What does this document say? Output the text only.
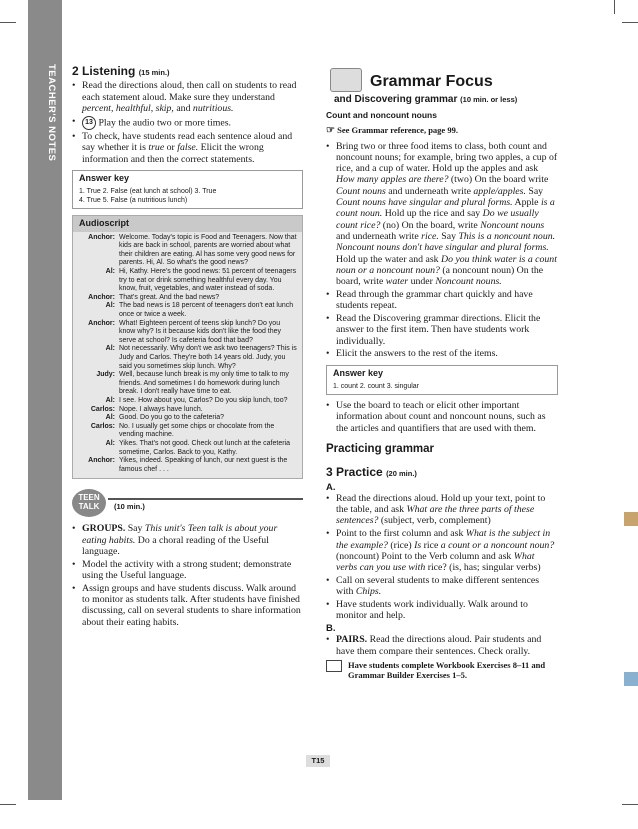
TEACHER'S NOTES 2 Listening (15 min.)
• Read the directions aloud, then call on students to read each statement aloud. Make sure they understand percent, healthful, skip, and nutritious.
• 13 Play the audio two or more times.
• To check, have students read each sentence aloud and say whether it is true or false. Elicit the wrong information and then the correct statements.
Answer key
1. True 2. False (eat lunch at school) 3. True
4. True 5. False (a nutritious lunch)
Audioscript
Anchor: Welcome. Today's topic is Food and Teenagers. Now that kids are back in school, parents are worried about what their children are eating. Al has some very good news for parents. Hi, Al. So what's the good news?
Al: Hi, Kathy. Here's the good news: 51 percent of teenagers try to eat or drink something healthful every day. You know, fruit, vegetables, and water instead of soda.
Anchor: That's great. And the bad news?
Al: The bad news is 18 percent of teenagers don't eat lunch once or twice a week.
Anchor: What! Eighteen percent of teens skip lunch? Do you know why? Is it because kids don't like the food they serve at school? Is cafeteria food that bad?
Al: Not necessarily. Why don't we ask two teenagers? This is Judy and Carlos. They're both 14 years old. Judy, you said you sometimes skip lunch. Why?
Judy: Well, because lunch break is my only time to talk to my friends. And sometimes I do homework during lunch break. I don't really have time to eat.
Al: I see. How about you, Carlos? Do you skip lunch, too?
Carlos: Nope. I always have lunch.
Al: Good. Do you go to the cafeteria?
Carlos: No. I usually get some chips or chocolate from the vending machine.
Al: Yikes. That's not good. Check out lunch at the cafeteria sometime, Carlos. Back to you, Kathy.
Anchor: Yikes, indeed. Speaking of lunch, our next guest is the famous chef . . .
TEEN TALK	(10 min.)
• GROUPS. Say This unit's Teen talk is about your eating habits. Do a choral reading of the Useful language.
• Model the activity with a strong student; demonstrate using the Useful language.
• Assign groups and have students discuss. Walk around to monitor as students talk. After students have finished discussing, call on several students to share information about their eating habits.
Grammar Focus
and Discovering grammar (10 min. or less)
Count and noncount nouns
☞ See Grammar reference, page 99.
• Bring two or three food items to class, both count and noncount nouns; for example, bring two apples, a cup of rice, and a cup of water. Hold up the apples and ask How many apples are there? (two) On the board write Count nouns and underneath write apple/apples. Say Count nouns have singular and plural forms. Apple is a count noun. Hold up the rice and say Do we usually count rice? (no) On the board, write Noncount nouns and underneath write rice. Say This is a noncount noun. Noncount nouns don't have singular and plural forms. Hold up the water and ask Do you think water is a count noun or a noncount noun? (a noncount noun) On the board, write water under Noncount nouns.
• Read through the grammar chart quickly and have students repeat.
• Read the Discovering grammar directions. Elicit the answer to the first item. Then have students work individually.
• Elicit the answers to the rest of the items.
Answer key
1. count 2. count 3. singular
• Use the board to teach or elicit other important information about count and noncount nouns, such as the articles and quantifiers that are used with them.
Practicing grammar
3 Practice (20 min.)
A.
• Read the directions aloud. Hold up your text, point to the table, and ask What are the three parts of these sentences? (subject, verb, complement)
• Point to the first column and ask What is the subject in the example? (rice) Is rice a count or a noncount noun? (noncount) Point to the Verb column and ask What verbs can you use with rice? (is, has; singular verbs)
• Call on several students to make different sentences with Chips.
• Have students work individually. Walk around to monitor and help.
B.
• PAIRS. Read the directions aloud. Pair students and have them compare their sentences. Check orally.
Have students complete Workbook Exercises 8–11 and Grammar Builder Exercises 1–5.
T15
